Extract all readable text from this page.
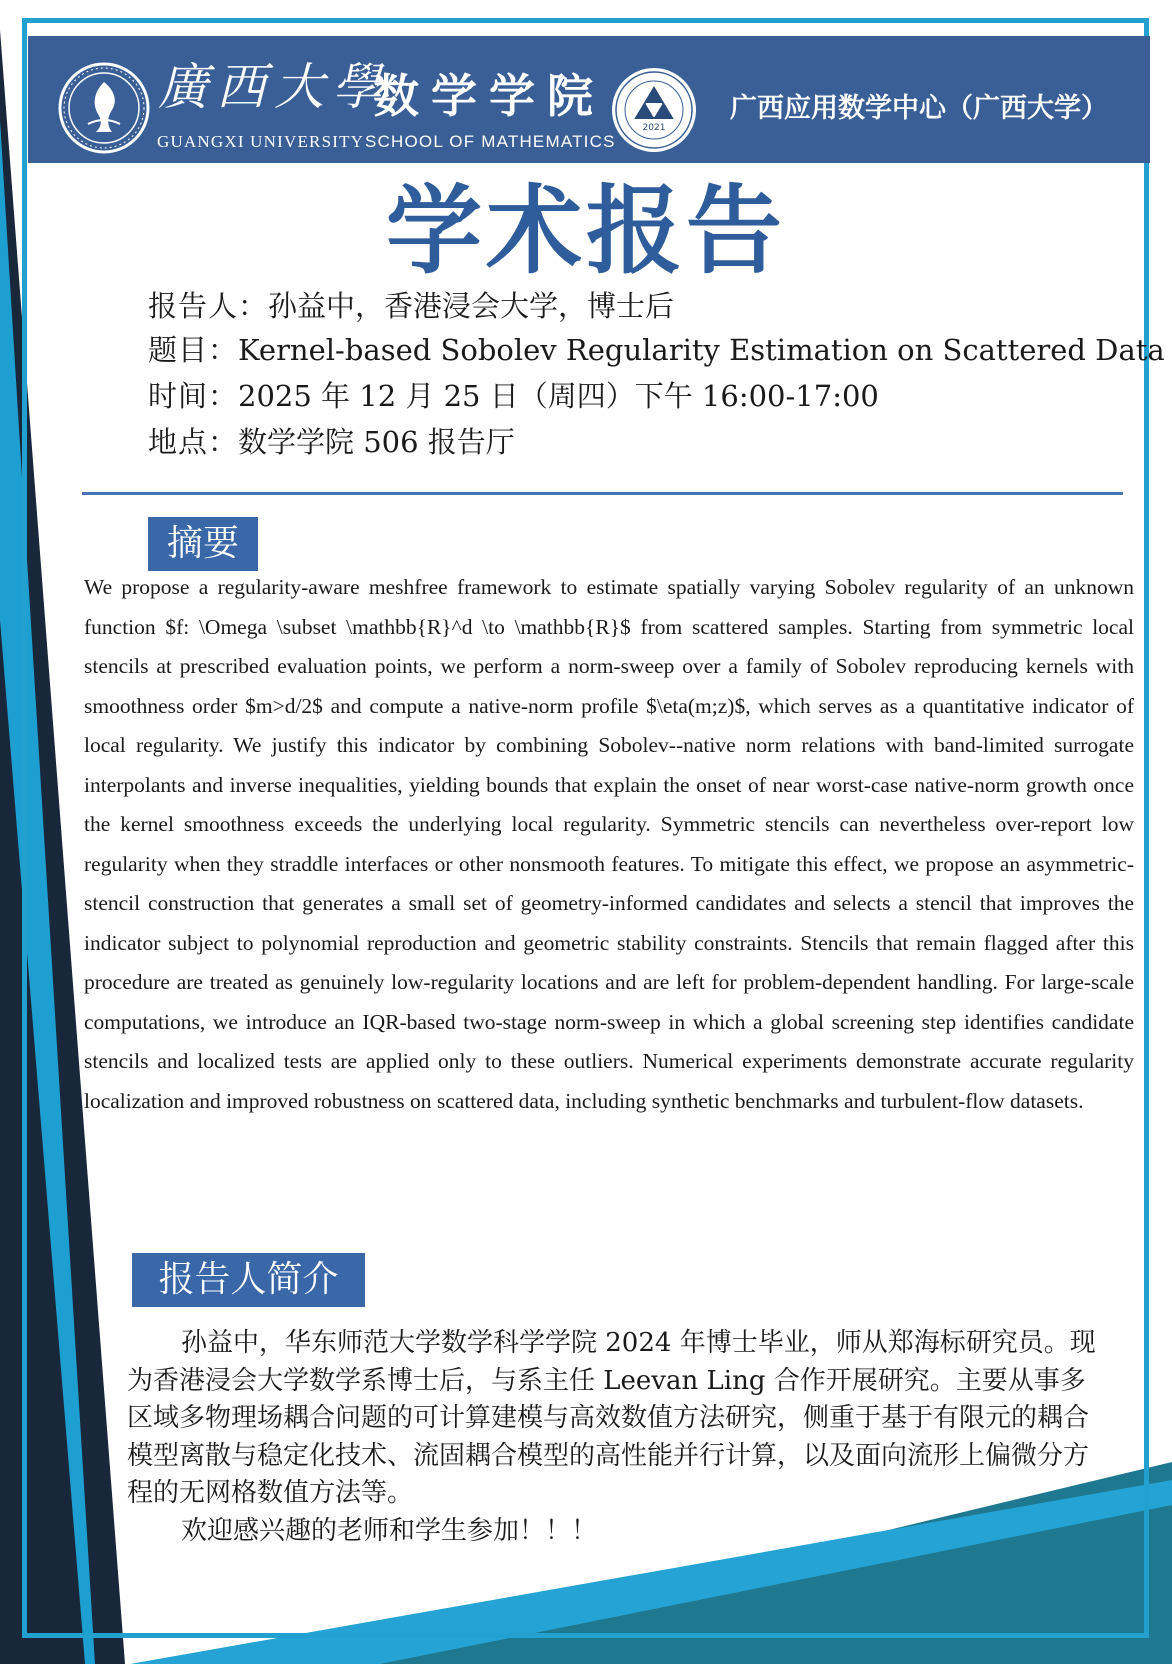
廣西大學
GUANGXI UNIVERSITY
数学学院
SCHOOL OF MATHEMATICS
2021
广西应用数学中心（广西大学）
学术报告
报告人：孙益中，香港浸会大学，博士后
题目：Kernel-based Sobolev Regularity Estimation on Scattered Data
时间：2025 年 12 月 25 日（周四）下午 16:00-17:00
地点：数学学院 506 报告厅
摘要
We propose a regularity-aware meshfree framework to estimate spatially varying Sobolev regularity of an unknown function $f: \Omega \subset \mathbb{R}^d \to \mathbb{R}$ from scattered samples. Starting from symmetric local stencils at prescribed evaluation points, we perform a norm-sweep over a family of Sobolev reproducing kernels with smoothness order $m>d/2$ and compute a native-norm profile $\eta(m;z)$, which serves as a quantitative indicator of local regularity. We justify this indicator by combining Sobolev--native norm relations with band-limited surrogate interpolants and inverse inequalities, yielding bounds that explain the onset of near worst-case native-norm growth once the kernel smoothness exceeds the underlying local regularity. Symmetric stencils can nevertheless over-report low regularity when they straddle interfaces or other nonsmooth features. To mitigate this effect, we propose an asymmetric-stencil construction that generates a small set of geometry-informed candidates and selects a stencil that improves the indicator subject to polynomial reproduction and geometric stability constraints. Stencils that remain flagged after this procedure are treated as genuinely low-regularity locations and are left for problem-dependent handling. For large-scale computations, we introduce an IQR-based two-stage norm-sweep in which a global screening step identifies candidate stencils and localized tests are applied only to these outliers. Numerical experiments demonstrate accurate regularity localization and improved robustness on scattered data, including synthetic benchmarks and turbulent-flow datasets.
报告人简介

孙益中，华东师范大学数学科学学院 2024 年博士毕业，师从郑海标研究员。现为香港浸会大学数学系博士后，与系主任 Leevan Ling 合作开展研究。主要从事多区域多物理场耦合问题的可计算建模与高效数值方法研究，侧重于基于有限元的耦合模型离散与稳定化技术、流固耦合模型的高性能并行计算，以及面向流形上偏微分方程的无网格数值方法等。

欢迎感兴趣的老师和学生参加！！！
